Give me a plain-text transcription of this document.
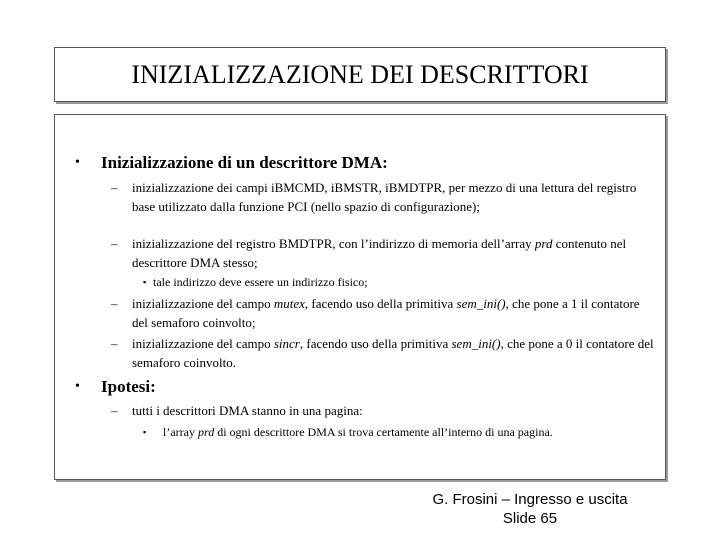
INIZIALIZZAZIONE DEI DESCRITTORI
• Inizializzazione di un descrittore DMA:
– inizializzazione dei campi iBMCMD, iBMSTR, iBMDTPR, per mezzo di una lettura del registro base utilizzato dalla funzione PCI (nello spazio di configurazione);
– inizializzazione del registro BMDTPR, con l’indirizzo di memoria dell’array prd contenuto nel descrittore DMA stesso;
▪ tale indirizzo deve essere un indirizzo fisico;
– inizializzazione del campo mutex, facendo uso della primitiva sem_ini(), che pone a 1 il contatore del semaforo coinvolto;
– inizializzazione del campo sincr, facendo uso della primitiva sem_ini(), che pone a 0 il contatore del semaforo coinvolto.
• Ipotesi:
– tutti i descrittori DMA stanno in una pagina:
▪ l’array prd di ogni descrittore DMA si trova certamente all’interno di una pagina.
G. Frosini – Ingresso e uscita
Slide 65
